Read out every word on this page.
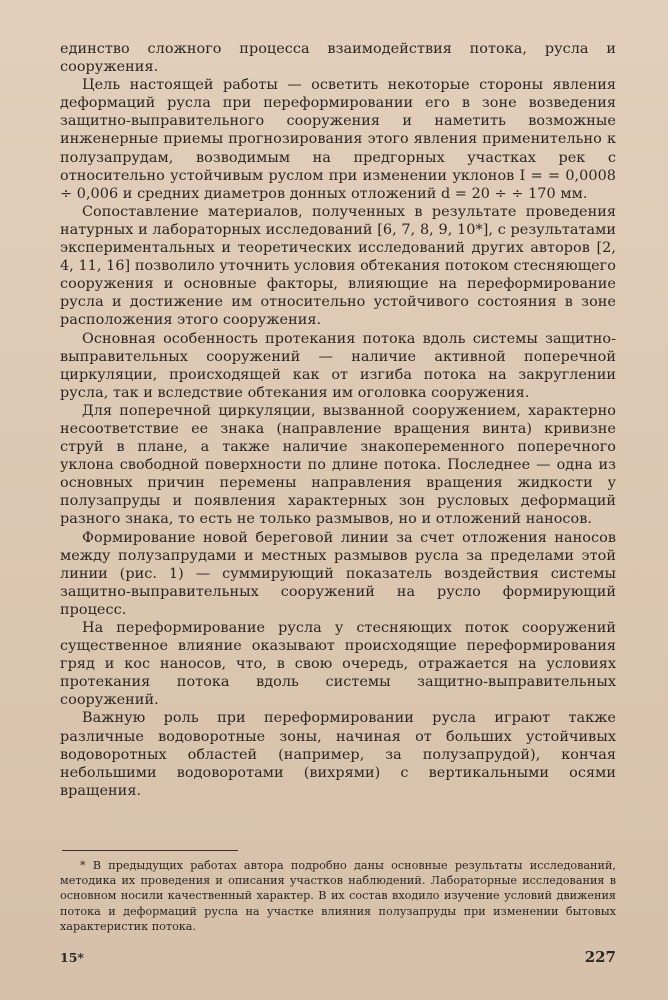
единство сложного процесса взаимодействия потока, русла и сооружения.

Цель настоящей работы — осветить некоторые стороны явления деформаций русла при переформировании его в зоне возведения защитно-выправительного сооружения и наметить возможные инженерные приемы прогнозирования этого явления применительно к полузапрудам, возводимым на предгорных участках рек с относительно устойчивым руслом при изменении уклонов I = = 0,0008 ÷ 0,006 и средних диаметров донных отложений d = 20 ÷ ÷ 170 мм.

Сопоставление материалов, полученных в результате проведения натурных и лабораторных исследований [6, 7, 8, 9, 10*], с результатами экспериментальных и теоретических исследований других авторов [2, 4, 11, 16] позволило уточнить условия обтекания потоком стесняющего сооружения и основные факторы, влияющие на переформирование русла и достижение им относительно устойчивого состояния в зоне расположения этого сооружения.

Основная особенность протекания потока вдоль системы защитно-выправительных сооружений — наличие активной поперечной циркуляции, происходящей как от изгиба потока на закруглении русла, так и вследствие обтекания им оголовка сооружения.

Для поперечной циркуляции, вызванной сооружением, характерно несоответствие ее знака (направление вращения винта) кривизне струй в плане, а также наличие знакопеременного поперечного уклона свободной поверхности по длине потока. Последнее — одна из основных причин перемены направления вращения жидкости у полузапруды и появления характерных зон русловых деформаций разного знака, то есть не только размывов, но и отложений наносов.

Формирование новой береговой линии за счет отложения наносов между полузапрудами и местных размывов русла за пределами этой линии (рис. 1) — суммирующий показатель воздействия системы защитно-выправительных сооружений на русло формирующий процесс.

На переформирование русла у стесняющих поток сооружений существенное влияние оказывают происходящие переформирования гряд и кос наносов, что, в свою очередь, отражается на условиях протекания потока вдоль системы защитно-выправительных сооружений.

Важную роль при переформировании русла играют также различные водоворотные зоны, начиная от больших устойчивых водоворотных областей (например, за полузапрудой), кончая небольшими водоворотами (вихрями) с вертикальными осями вращения.

* В предыдущих работах автора подробно даны основные результаты исследований, методика их проведения и описания участков наблюдений. Лабораторные исследования в основном носили качественный характер. В их состав входило изучение условий движения потока и деформаций русла на участке влияния полузапруды при изменении бытовых характеристик потока.

15*	227
